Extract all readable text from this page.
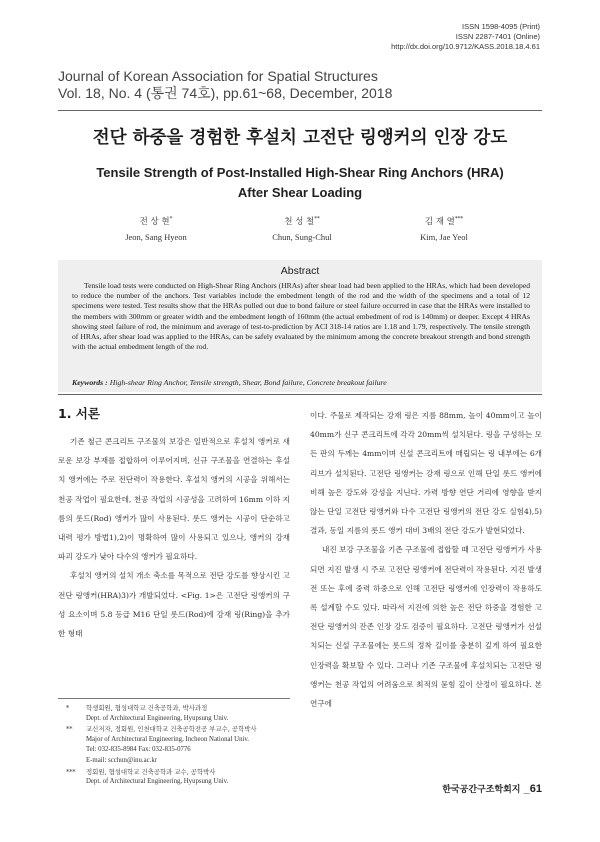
ISSN 1598-4095 (Print)
ISSN 2287-7401 (Online)
http://dx.doi.org/10.9712/KASS.2018.18.4.61
Journal of Korean Association for Spatial Structures
Vol. 18, No. 4 (통권 74호), pp.61~68, December, 2018
전단 하중을 경험한 후설치 고전단 링앵커의 인장 강도
Tensile Strength of Post-Installed High-Shear Ring Anchors (HRA)
After Shear Loading
전 상 현*
Jeon, Sang Hyeon
천 성 철**
Chun, Sung-Chul
김 재 열***
Kim, Jae Yeol
Abstract
Tensile load tests were conducted on High-Shear Ring Anchors (HRAs) after shear load had been applied to the HRAs, which had been developed to reduce the number of the anchors. Test variables include the embedment length of the rod and the width of the specimens and a total of 12 specimens were tested. Test results show that the HRAs pulled out due to bond failure or steel failure occurred in case that the HRAs were installed to the members with 300mm or greater width and the embedment length of 160mm (the actual embedment of rod is 140mm) or deeper. Except 4 HRAs showing steel failure of rod, the minimum and average of test-to-prediction by ACI 318-14 ratios are 1.18 and 1.79, respectively. The tensile strength of HRAs, after shear load was applied to the HRAs, can be safely evaluated by the minimum among the concrete breakout strength and bond strength with the actual embedment length of the rod.
Keywords : High-shear Ring Anchor, Tensile strength, Shear, Bond failure, Concrete breakout failure
1. 서론

기존 철근 콘크리트 구조물의 보강은 일반적으로 후설치 앵커로 새로운 보강 부재를 접합하여 이루어지며, 신규 구조물을 연결하는 후설치 앵커에는 주로 전단력이 작용한다. 후설치 앵커의 시공을 위해서는 천공 작업이 필요한데, 천공 작업의 시공성을 고려하여 16mm 이하 지름의 롯드(Rod) 앵커가 많이 사용된다. 롯드 앵커는 시공이 단순하고 내력 평가 방법1),2)이 명확하여 많이 사용되고 있으나, 앵커의 강재 파괴 강도가 낮아 다수의 앵커가 필요하다.

후설치 앵커의 설치 개소 축소를 목적으로 전단 강도를 향상시킨 고전단 링앵커(HRA)3)가 개발되었다. <Fig. 1>은 고전단 링앵커의 구성 요소이며 5.8 등급 M16 단일 롯드(Rod)에 강재 링(Ring)을 추가한 형태

이다. 주물로 제작되는 강재 링은 지름 88mm, 높이 40mm이고 높이 40mm가 신구 콘크리트에 각각 20mm씩 설치된다. 링을 구성하는 모든 판의 두께는 4mm이며 신설 콘크리트에 매립되는 링 내부에는 6개 리브가 설치된다. 고전단 링앵커는 강재 링으로 인해 단일 롯드 앵커에 비해 높은 강도와 강성을 지닌다. 가력 방향 연단 거리에 영향을 받지 않는 단일 고전단 링앵커와 다수 고전단 링앵커의 전단 강도 실험4),5) 결과, 동일 지름의 롯드 앵커 대비 3배의 전단 강도가 발현되었다.

내진 보강 구조물을 기존 구조물에 접합할 때 고전단 링앵커가 사용되면 지진 발생 시 주로 고전단 링앵커에 전단력이 작용된다. 지진 발생 전 또는 후에 중력 하중으로 인해 고전단 링앵커에 인장력이 작용하도록 설계할 수도 있다. 따라서 지진에 의한 높은 전단 하중을 경험한 고전단 링앵커의 잔존 인장 강도 검증이 필요하다. 고전단 링앵커가 선설치되는 신설 구조물에는 롯드의 정착 길이를 충분히 깊게 하여 필요한 인장력을 확보할 수 있다. 그러나 기존 구조물에 후설치되는 고전단 링앵커는 천공 작업의 어려움으로 최적의 묻힘 깊이 산정이 필요하다. 본 연구에

*	학생회원, 협성대학교 건축공학과, 박사과정
Dept. of Architectural Engineering, Hyupsung Univ.
** 교신저자, 정회원, 인천대학교 건축공학전공 부교수, 공학박사
Major of Architectural Engineering, Incheon National Univ.
Tel: 032-835-8984 Fax: 032-835-0776
E-mail: scchun@inu.ac.kr
*** 정회원, 협성대학교 건축공학과 교수, 공학박사
Dept. of Architectural Engineering, Hyupsung Univ.
한국공간구조학회지 _61
